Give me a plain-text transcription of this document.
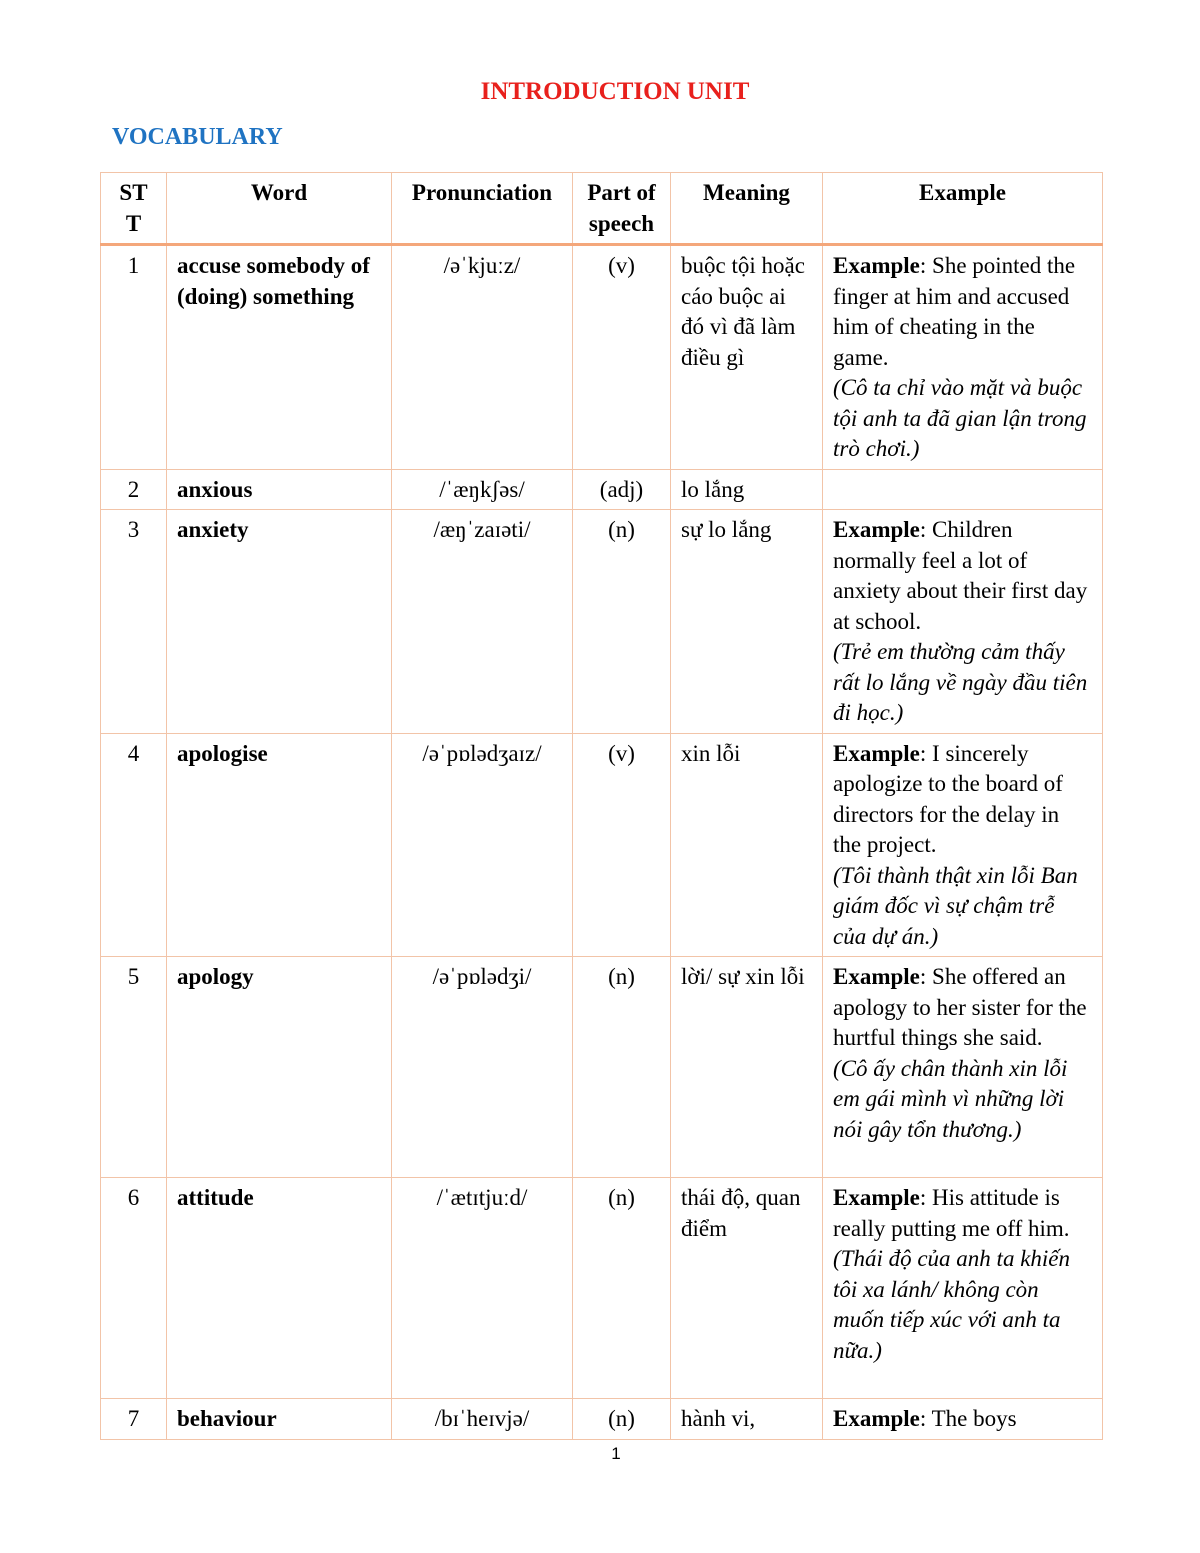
INTRODUCTION UNIT
VOCABULARY
ST T	Word	Pronunciation	Part of speech	Meaning	Example
1	accuse somebody of (doing) something	/əˈkjuːz/	(v)	buộc tội hoặc cáo buộc ai đó vì đã làm điều gì	Example: She pointed the finger at him and accused him of cheating in the game.
(Cô ta chỉ vào mặt và buộc tội anh ta đã gian lận trong trò chơi.)

2	anxious	/ˈæŋkʃəs/	(adj)	lo lắng	

3	anxiety	/æŋˈzaɪəti/	(n)	sự lo lắng	Example: Children normally feel a lot of anxiety about their first day at school.
(Trẻ em thường cảm thấy rất lo lắng về ngày đầu tiên đi học.)

4	apologise	/əˈpɒlədʒaɪz/	(v)	xin lỗi	Example: I sincerely apologize to the board of directors for the delay in the project.
(Tôi thành thật xin lỗi Ban giám đốc vì sự chậm trễ của dự án.)

5	apology	/əˈpɒlədʒi/	(n)	lời/ sự xin lỗi	Example: She offered an apology to her sister for the hurtful things she said.
(Cô ấy chân thành xin lỗi em gái mình vì những lời nói gây tổn thương.)

6	attitude	/ˈætɪtjuːd/	(n)	thái độ, quan điểm	Example: His attitude is really putting me off him.
(Thái độ của anh ta khiến tôi xa lánh/ không còn muốn tiếp xúc với anh ta nữa.)

7	behaviour	/bɪˈheɪvjə/	(n)	hành vi,	Example: The boys
1
